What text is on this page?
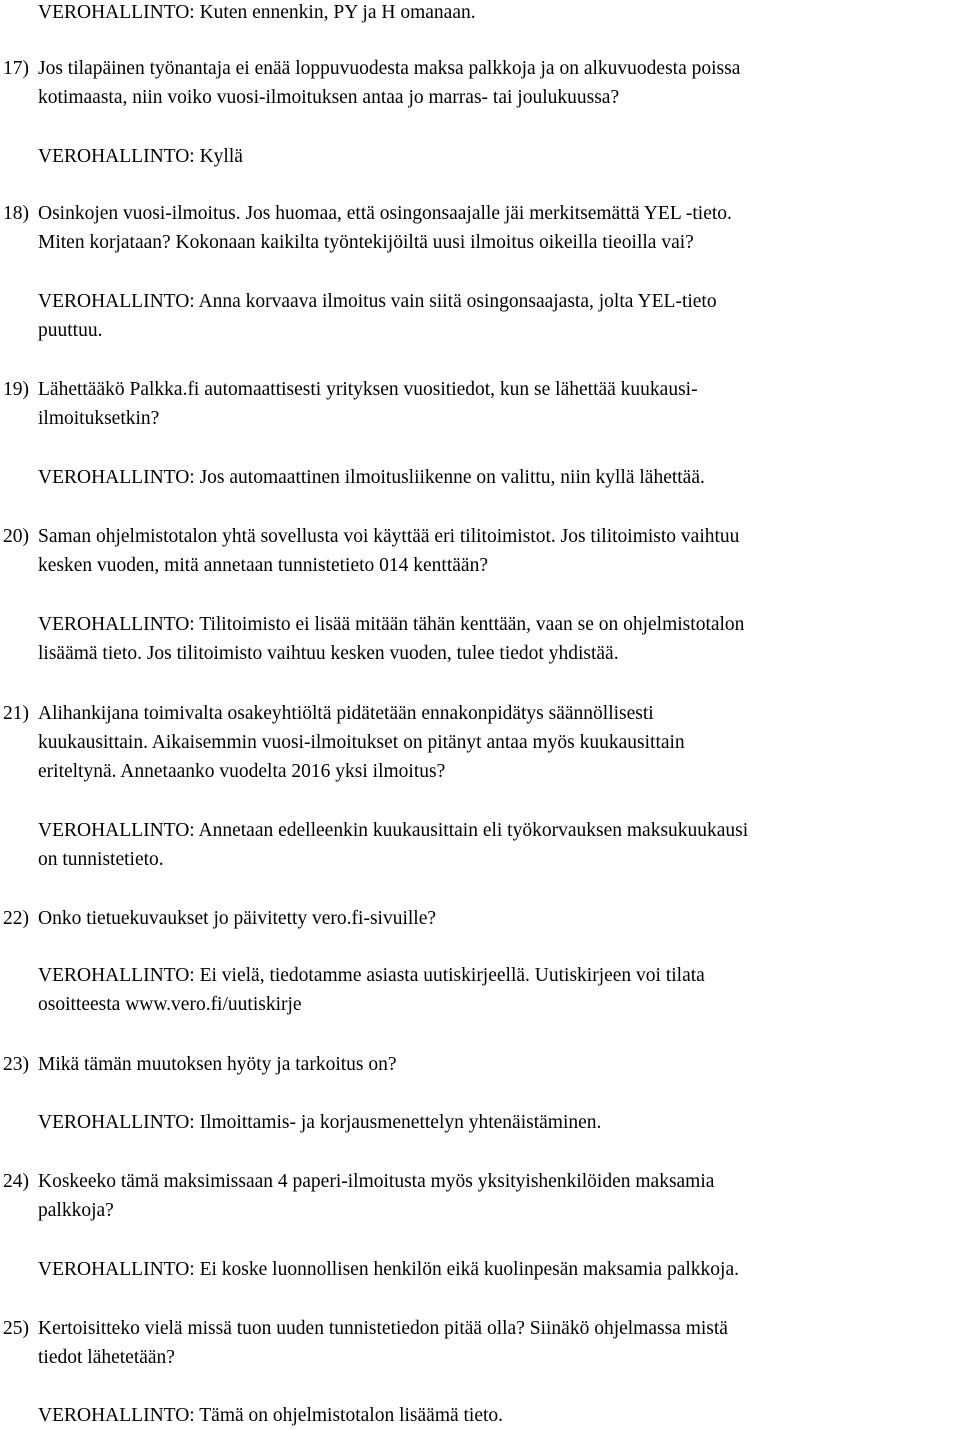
VEROHALLINTO: Kuten ennenkin, PY ja H omanaan.

17) Jos tilapäinen työnantaja ei enää loppuvuodesta maksa palkkoja ja on alkuvuodesta poissa
kotimaasta, niin voiko vuosi-ilmoituksen antaa jo marras- tai joulukuussa?

VEROHALLINTO: Kyllä

18) Osinkojen vuosi-ilmoitus. Jos huomaa, että osingonsaajalle jäi merkitsemättä YEL -tieto.
Miten korjataan? Kokonaan kaikilta työntekijöiltä uusi ilmoitus oikeilla tieoilla vai?

VEROHALLINTO: Anna korvaava ilmoitus vain siitä osingonsaajasta, jolta YEL-tieto
puuttuu.

19) Lähettääkö Palkka.fi automaattisesti yrityksen vuositiedot, kun se lähettää kuukausi-
ilmoituksetkin?

VEROHALLINTO: Jos automaattinen ilmoitusliikenne on valittu, niin kyllä lähettää.

20) Saman ohjelmistotalon yhtä sovellusta voi käyttää eri tilitoimistot. Jos tilitoimisto vaihtuu
kesken vuoden, mitä annetaan tunnistetieto 014 kenttään?

VEROHALLINTO: Tilitoimisto ei lisää mitään tähän kenttään, vaan se on ohjelmistotalon
lisäämä tieto. Jos tilitoimisto vaihtuu kesken vuoden, tulee tiedot yhdistää.

21) Alihankijana toimivalta osakeyhtiöltä pidätetään ennakonpidätys säännöllisesti
kuukausittain. Aikaisemmin vuosi-ilmoitukset on pitänyt antaa myös kuukausittain
eriteltynä. Annetaanko vuodelta 2016 yksi ilmoitus?

VEROHALLINTO: Annetaan edelleenkin kuukausittain eli työkorvauksen maksukuukausi
on tunnistetieto.

22) Onko tietuekuvaukset jo päivitetty vero.fi-sivuille?

VEROHALLINTO: Ei vielä, tiedotamme asiasta uutiskirjeellä. Uutiskirjeen voi tilata
osoitteesta www.vero.fi/uutiskirje

23) Mikä tämän muutoksen hyöty ja tarkoitus on?

VEROHALLINTO: Ilmoittamis- ja korjausmenettelyn yhtenäistäminen.

24) Koskeeko tämä maksimissaan 4 paperi-ilmoitusta myös yksityishenkilöiden maksamia
palkkoja?

VEROHALLINTO: Ei koske luonnollisen henkilön eikä kuolinpesän maksamia palkkoja.

25) Kertoisitteko vielä missä tuon uuden tunnistetiedon pitää olla? Siinäkö ohjelmassa mistä
tiedot lähetetään?

VEROHALLINTO: Tämä on ohjelmistotalon lisäämä tieto.
